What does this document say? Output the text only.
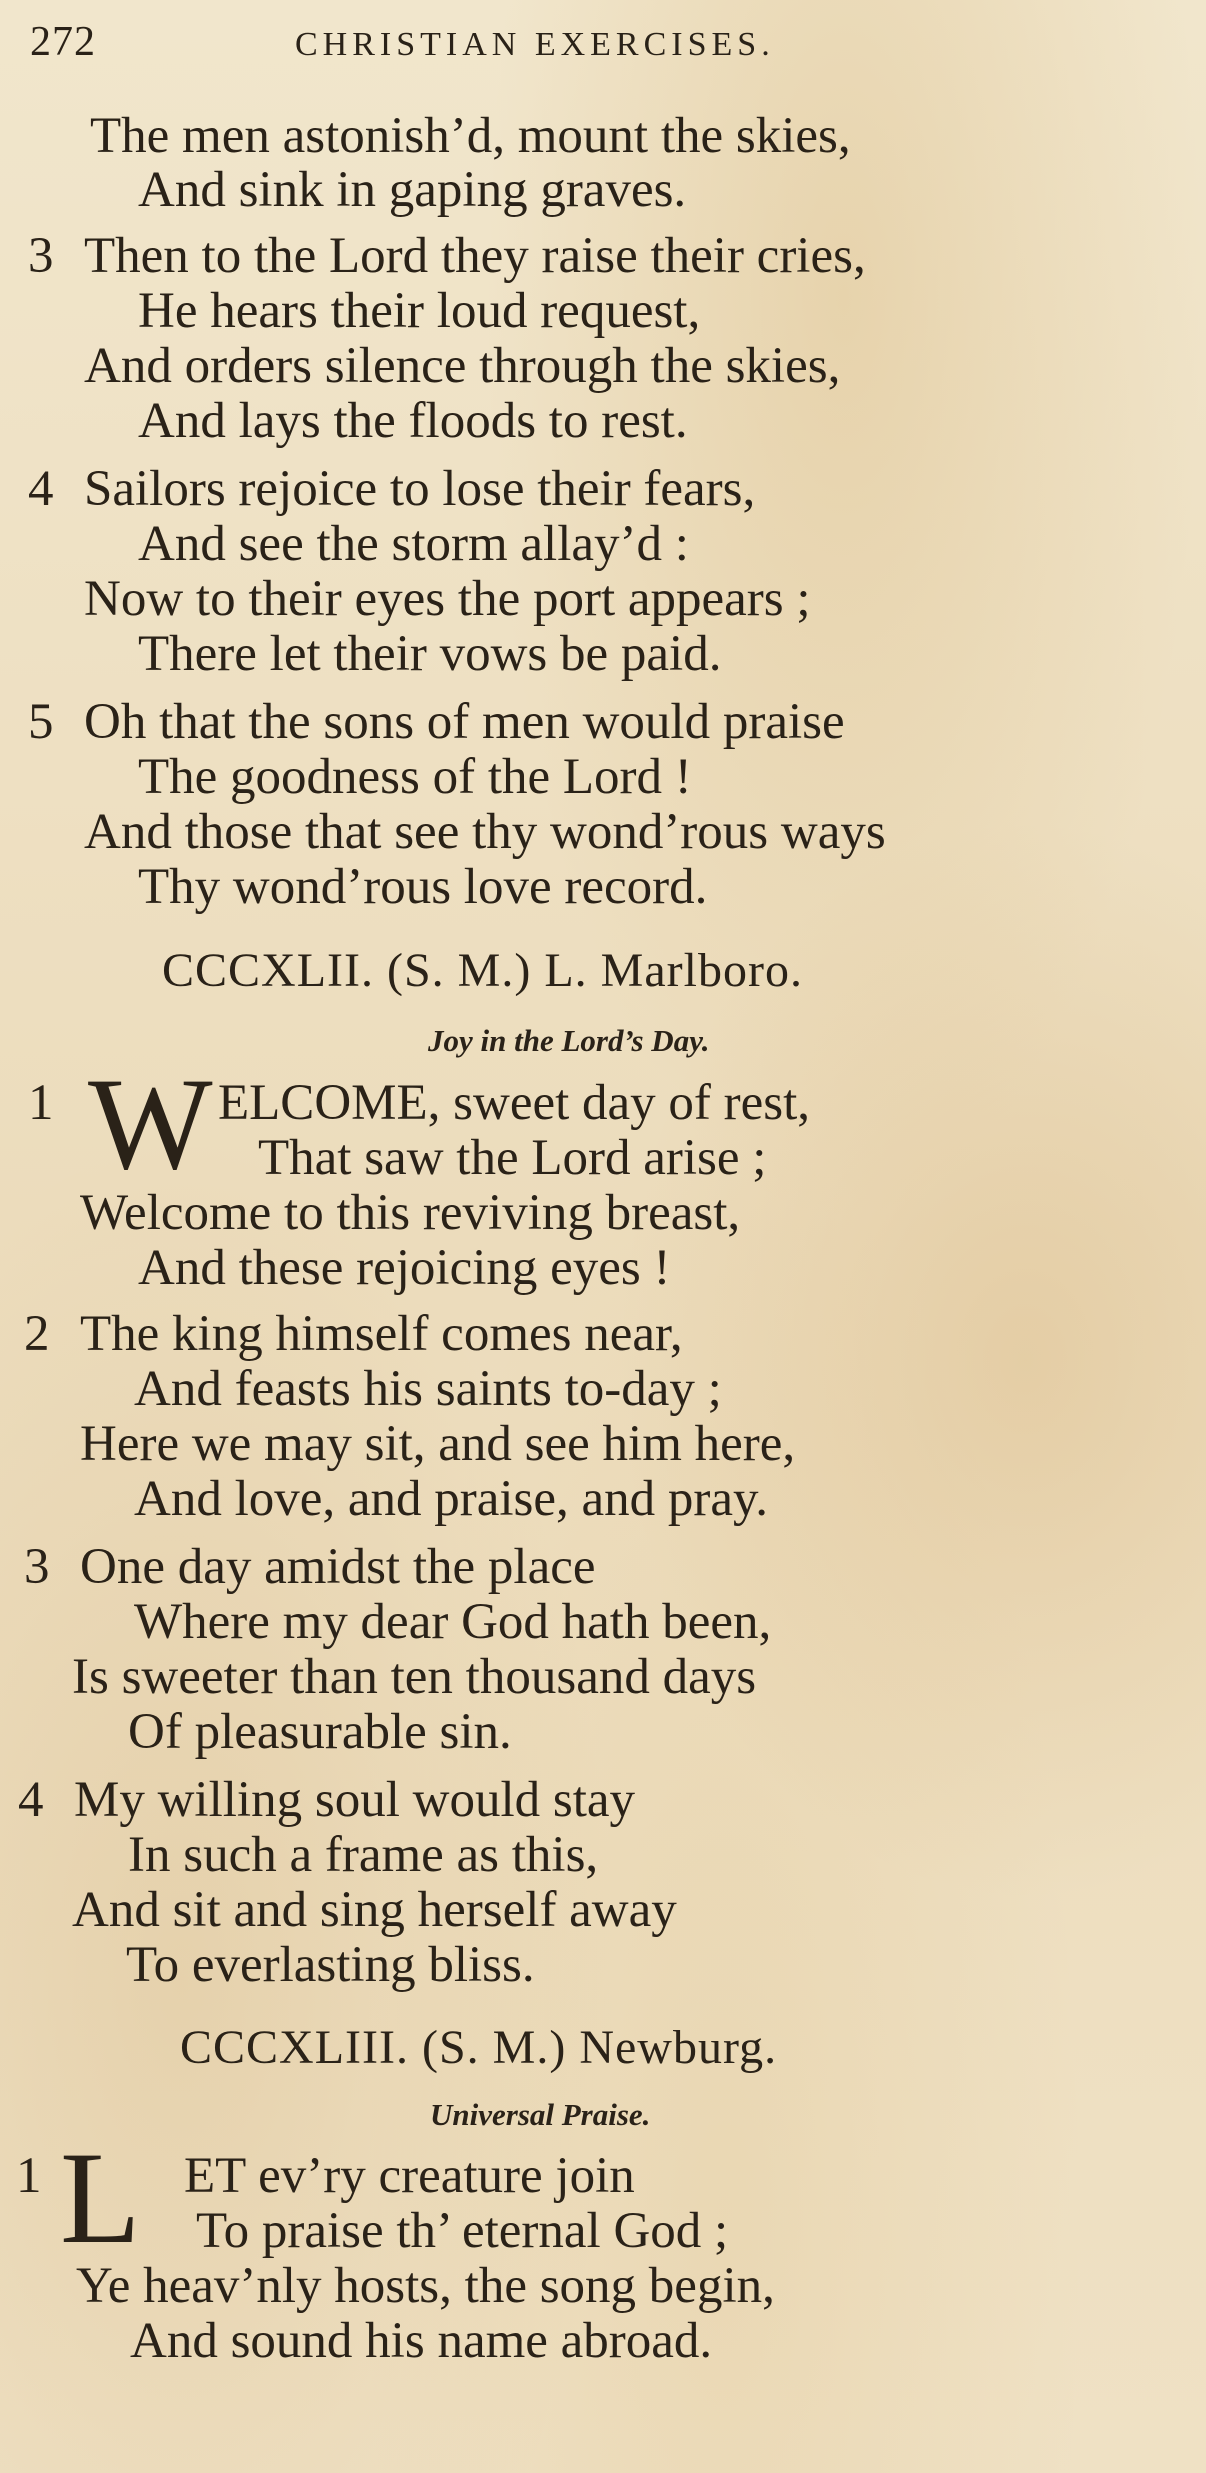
272	CHRISTIAN EXERCISES.
The men astonish’d, mount the skies,
And sink in gaping graves.
3 Then to the Lord they raise their cries,
He hears their loud request,
And orders silence through the skies,
And lays the floods to rest.
4 Sailors rejoice to lose their fears,
And see the storm allay’d :
Now to their eyes the port appears ;
There let their vows be paid.
5 Oh that the sons of men would praise
The goodness of the Lord !
And those that see thy wond’rous ways
Thy wond’rous love record.
CCCXLII. (S. M.) L. Marlboro.
Joy in the Lord’s Day.
1 W ELCOME, sweet day of rest,
That saw the Lord arise ;
Welcome to this reviving breast,
And these rejoicing eyes !
2 The king himself comes near,
And feasts his saints to-day ;
Here we may sit, and see him here,
And love, and praise, and pray.
3 One day amidst the place
Where my dear God hath been,
Is sweeter than ten thousand days
Of pleasurable sin.
4 My willing soul would stay
In such a frame as this,
And sit and sing herself away
To everlasting bliss.
CCCXLIII. (S. M.) Newburg.
Universal Praise.
1 L ET ev’ry creature join
To praise th’ eternal God ;
Ye heav’nly hosts, the song begin,
And sound his name abroad.
